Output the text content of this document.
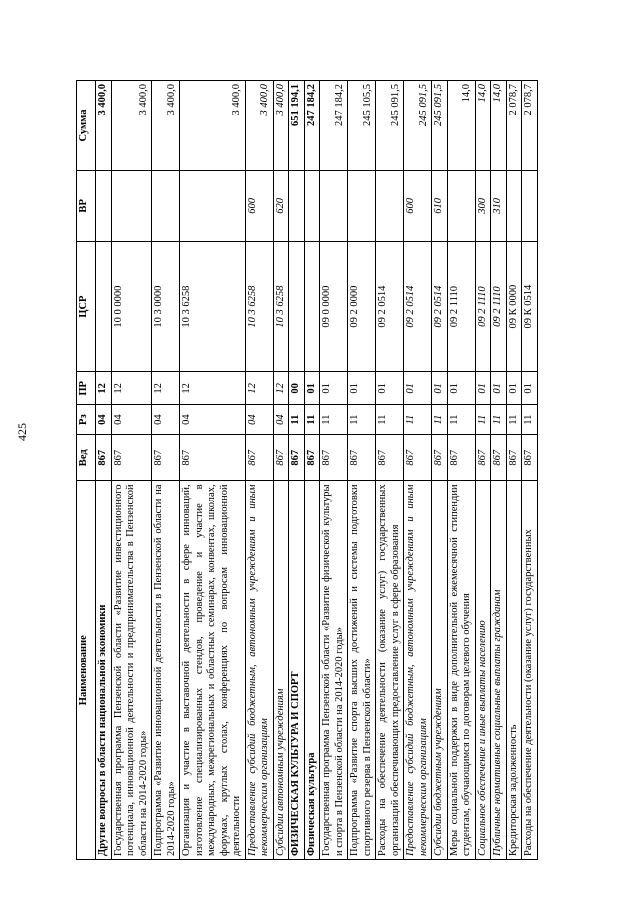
425
Наименование	Вед	Рз	ПР	ЦСР	ВР	Сумма
Другие вопросы в области национальной экономики	867	04	12			3 400,0
Государственная программа Пензенской области «Развитие инвестиционного потенциала, инновационной деятельности и предпринимательства в Пензенской области на 2014-2020 годы»	867	04	12	10 0 0000		3 400,0
Подпрограмма «Развитие инновационной деятельности в Пензенской области на 2014-2020 годы»	867	04	12	10 3 0000		3 400,0
Организация и участие в выставочной деятельности в сфере инноваций, изготовление специализированных стендов, проведение и участие в международных, межрегиональных и областных семинарах, конвентах, школах, форумах, круглых столах, конференциях по вопросам инновационной деятельности	867	04	12	10 3 6258		3 400,0
Предоставление субсидий бюджетным, автономным учреждениям и иным некоммерческим организациям	867	04	12	10 3 6258	600	3 400,0
Субсидии автономным учреждениям	867	04	12	10 3 6258	620	3 400,0
ФИЗИЧЕСКАЯ КУЛЬТУРА И СПОРТ	867	11	00			651 194,1
Физическая культура	867	11	01			247 184,2
Государственная программа Пензенской области «Развитие физической культуры и спорта в Пензенской области на 2014-2020 годы»	867	11	01	09 0 0000		247 184,2
Подпрограмма «Развитие спорта высших достижений и системы подготовки спортивного резерва в Пензенской области»	867	11	01	09 2 0000		245 105,5
Расходы на обеспечение деятельности (оказание услуг) государственных организаций обеспечивающих предоставление услуг в сфере образования	867	11	01	09 2 0514		245 091,5
Предоставление субсидий бюджетным, автономным учреждениям и иным некоммерческим организациям	867	11	01	09 2 0514	600	245 091,5
Субсидии бюджетным учреждениям	867	11	01	09 2 0514	610	245 091,5
Меры социальной поддержки в виде дополнительной ежемесячной стипендии студентам, обучающимся по договорам целевого обучения	867	11	01	09 2 1110		14,0
Социальное обеспечение и иные выплаты населению	867	11	01	09 2 1110	300	14,0
Публичные нормативные социальные выплаты гражданам	867	11	01	09 2 1110	310	14,0
Кредиторская задолженность	867	11	01	09 К 0000		2 078,7
Расходы на обеспечение деятельности (оказание услуг) государственных	867	11	01	09 К 0514		2 078,7
